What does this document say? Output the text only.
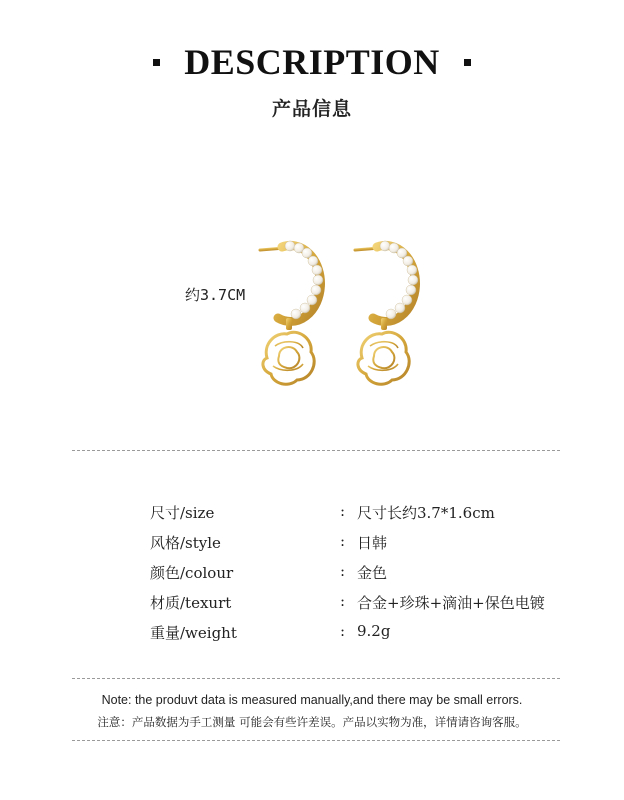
DESCRIPTION
产品信息
约3.7CM
尺寸/size	: 尺寸长约3.7*1.6cm
风格/style	: 日韩
颜色/colour	: 金色
材质/texurt	: 合金+珍珠+滴油+保色电镀
重量/weight	: 9.2g
Note: the produvt data is measured manually,and there may be small errors.
注意：产品数据为手工测量 可能会有些许差误。产品以实物为准，详情请咨询客服。
